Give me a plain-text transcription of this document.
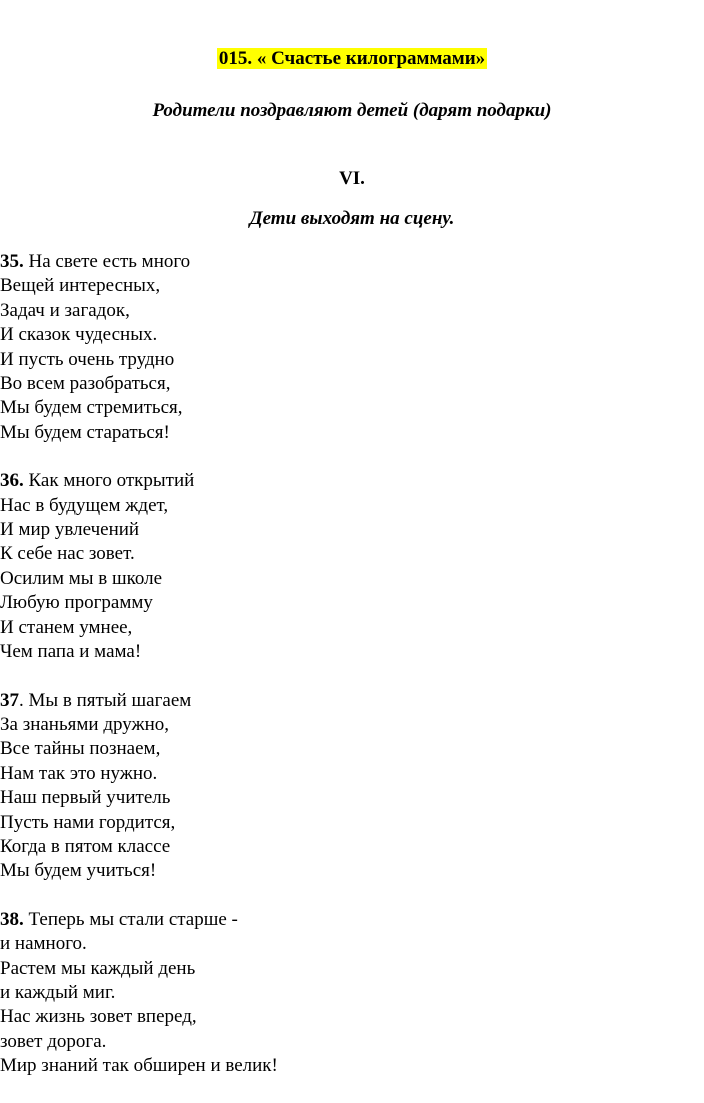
015. « Счастье килограммами»
Родители поздравляют детей (дарят подарки)
VI.
Дети выходят на сцену.
35. На свете есть много
Вещей интересных,
Задач и загадок,
И сказок чудесных.
И пусть очень трудно
Во всем разобраться,
Мы будем стремиться,
Мы будем стараться!
36. Как много открытий
Нас в будущем ждет,
И мир увлечений
К себе нас зовет.
Осилим мы в школе
Любую программу
И станем умнее,
Чем папа и мама!
37. Мы в пятый шагаем
За знаньями дружно,
Все тайны познаем,
Нам так это нужно.
Наш первый учитель
Пусть нами гордится,
Когда в пятом классе
Мы будем учиться!
38. Теперь мы стали старше -
и намного.
Растем мы каждый день
и каждый миг.
Нас жизнь зовет вперед,
зовет дорога.
Мир знаний так обширен и велик!
